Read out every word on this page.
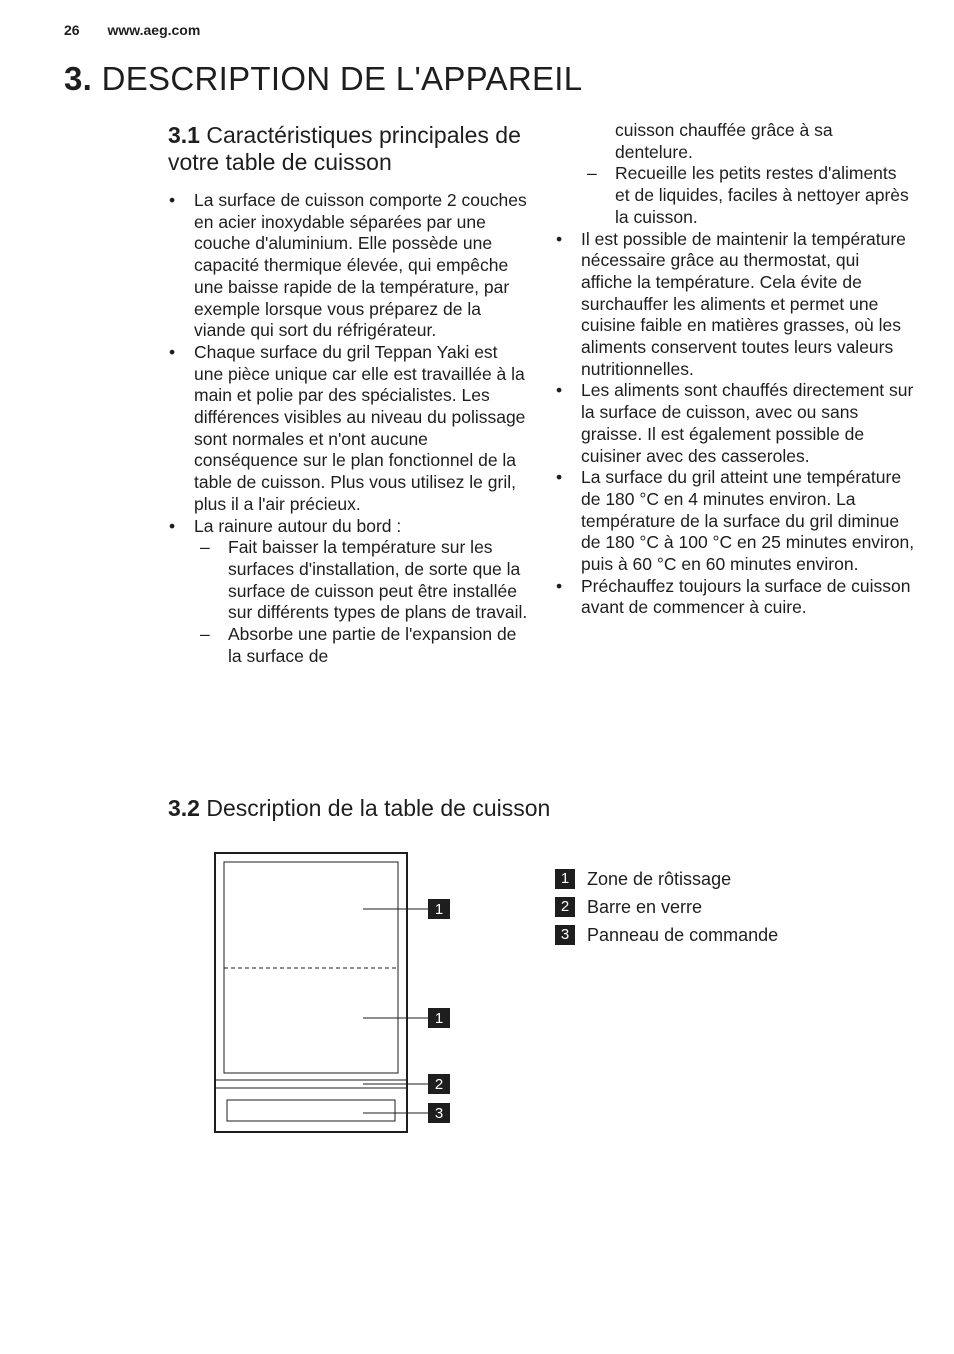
26 www.aeg.com
3. DESCRIPTION DE L'APPAREIL
3.1 Caractéristiques principales de votre table de cuisson
• La surface de cuisson comporte 2 couches en acier inoxydable séparées par une couche d'aluminium. Elle possède une capacité thermique élevée, qui empêche une baisse rapide de la température, par exemple lorsque vous préparez de la viande qui sort du réfrigérateur.
• Chaque surface du gril Teppan Yaki est une pièce unique car elle est travaillée à la main et polie par des spécialistes. Les différences visibles au niveau du polissage sont normales et n'ont aucune conséquence sur le plan fonctionnel de la table de cuisson. Plus vous utilisez le gril, plus il a l'air précieux.
• La rainure autour du bord :
– Fait baisser la température sur les surfaces d'installation, de sorte que la surface de cuisson peut être installée sur différents types de plans de travail.
– Absorbe une partie de l'expansion de la surface de
cuisson chauffée grâce à sa dentelure.
– Recueille les petits restes d'aliments et de liquides, faciles à nettoyer après la cuisson.
• Il est possible de maintenir la température nécessaire grâce au thermostat, qui affiche la température. Cela évite de surchauffer les aliments et permet une cuisine faible en matières grasses, où les aliments conservent toutes leurs valeurs nutritionnelles.
• Les aliments sont chauffés directement sur la surface de cuisson, avec ou sans graisse. Il est également possible de cuisiner avec des casseroles.
• La surface du gril atteint une température de 180 °C en 4 minutes environ. La température de la surface du gril diminue de 180 °C à 100 °C en 25 minutes environ, puis à 60 °C en 60 minutes environ.
• Préchauffez toujours la surface de cuisson avant de commencer à cuire.
3.2 Description de la table de cuisson
1
1
2
3
1 Zone de rôtissage
2 Barre en verre
3 Panneau de commande
